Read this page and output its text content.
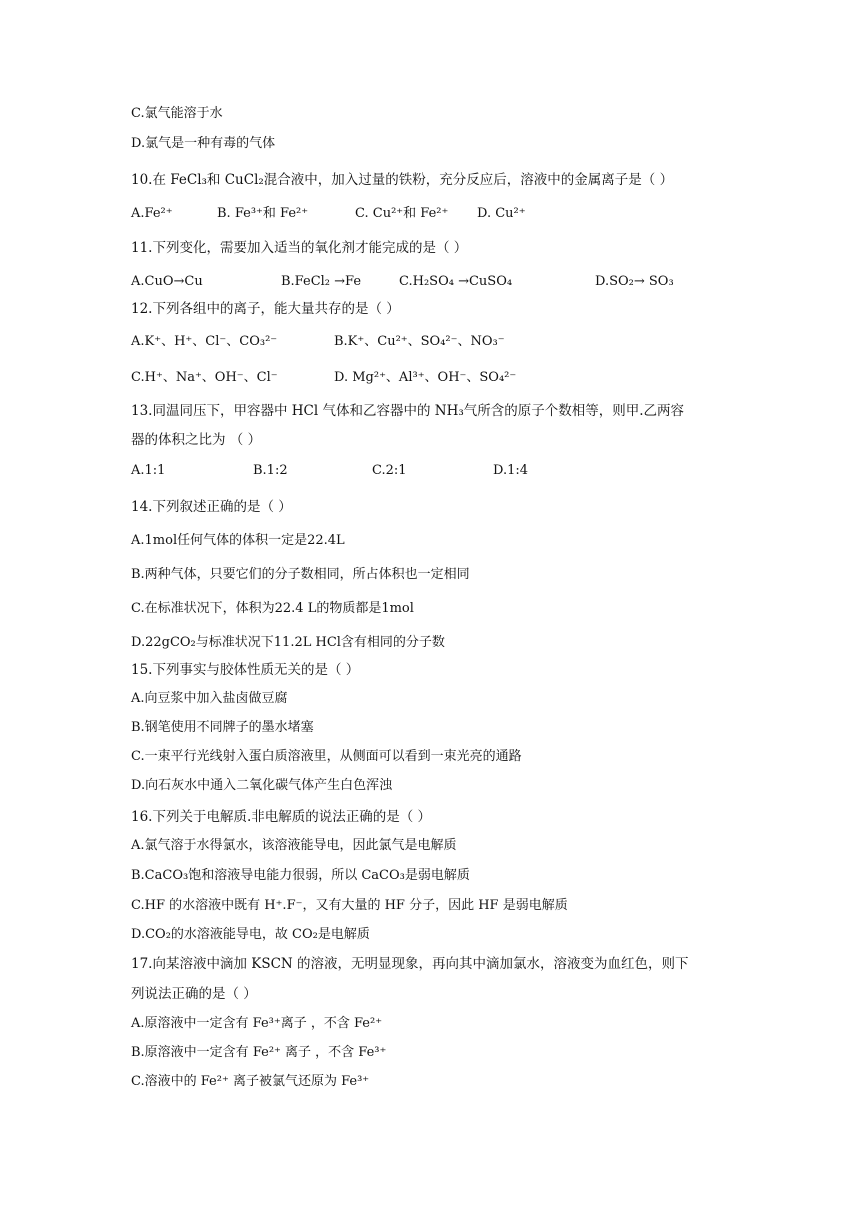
C.氯气能溶于水
D.氯气是一种有毒的气体
10.在 FeCl₃和 CuCl₂混合液中，加入过量的铁粉，充分反应后，溶液中的金属离子是（ ）
A.Fe²⁺	B. Fe³⁺和 Fe²⁺	C. Cu²⁺和 Fe²⁺ D. Cu²⁺
11.下列变化，需要加入适当的氧化剂才能完成的是（ ）
A.CuO→Cu	B.FeCl₂ →Fe	C.H₂SO₄ →CuSO₄	D.SO₂→ SO₃
12.下列各组中的离子，能大量共存的是（ ）
A.K⁺、H⁺、Cl⁻、CO₃²⁻	B.K⁺、Cu²⁺、SO₄²⁻、NO₃⁻
C.H⁺、Na⁺、OH⁻、Cl⁻	D. Mg²⁺、Al³⁺、OH⁻、SO₄²⁻
13.同温同压下，甲容器中 HCl 气体和乙容器中的 NH₃气所含的原子个数相等，则甲.乙两容
器的体积之比为 （ ）
A.1:1	B.1:2	C.2:1	D.1:4
14.下列叙述正确的是（ ）
A.1mol任何气体的体积一定是22.4L
B.两种气体，只要它们的分子数相同，所占体积也一定相同
C.在标准状况下，体积为22.4 L的物质都是1mol
D.22gCO₂与标准状况下11.2L HCl含有相同的分子数
15.下列事实与胶体性质无关的是（ ）
A.向豆浆中加入盐卤做豆腐
B.钢笔使用不同牌子的墨水堵塞
C.一束平行光线射入蛋白质溶液里，从侧面可以看到一束光亮的通路
D.向石灰水中通入二氧化碳气体产生白色浑浊
16.下列关于电解质.非电解质的说法正确的是（ ）
A.氯气溶于水得氯水，该溶液能导电，因此氯气是电解质
B.CaCO₃饱和溶液导电能力很弱，所以 CaCO₃是弱电解质
C.HF 的水溶液中既有 H⁺.F⁻，又有大量的 HF 分子，因此 HF 是弱电解质
D.CO₂的水溶液能导电，故 CO₂是电解质
17.向某溶液中滴加 KSCN 的溶液，无明显现象，再向其中滴加氯水，溶液变为血红色，则下
列说法正确的是（ ）
A.原溶液中一定含有 Fe³⁺离子 ，不含 Fe²⁺
B.原溶液中一定含有 Fe²⁺ 离子 ，不含 Fe³⁺
C.溶液中的 Fe²⁺ 离子被氯气还原为 Fe³⁺
